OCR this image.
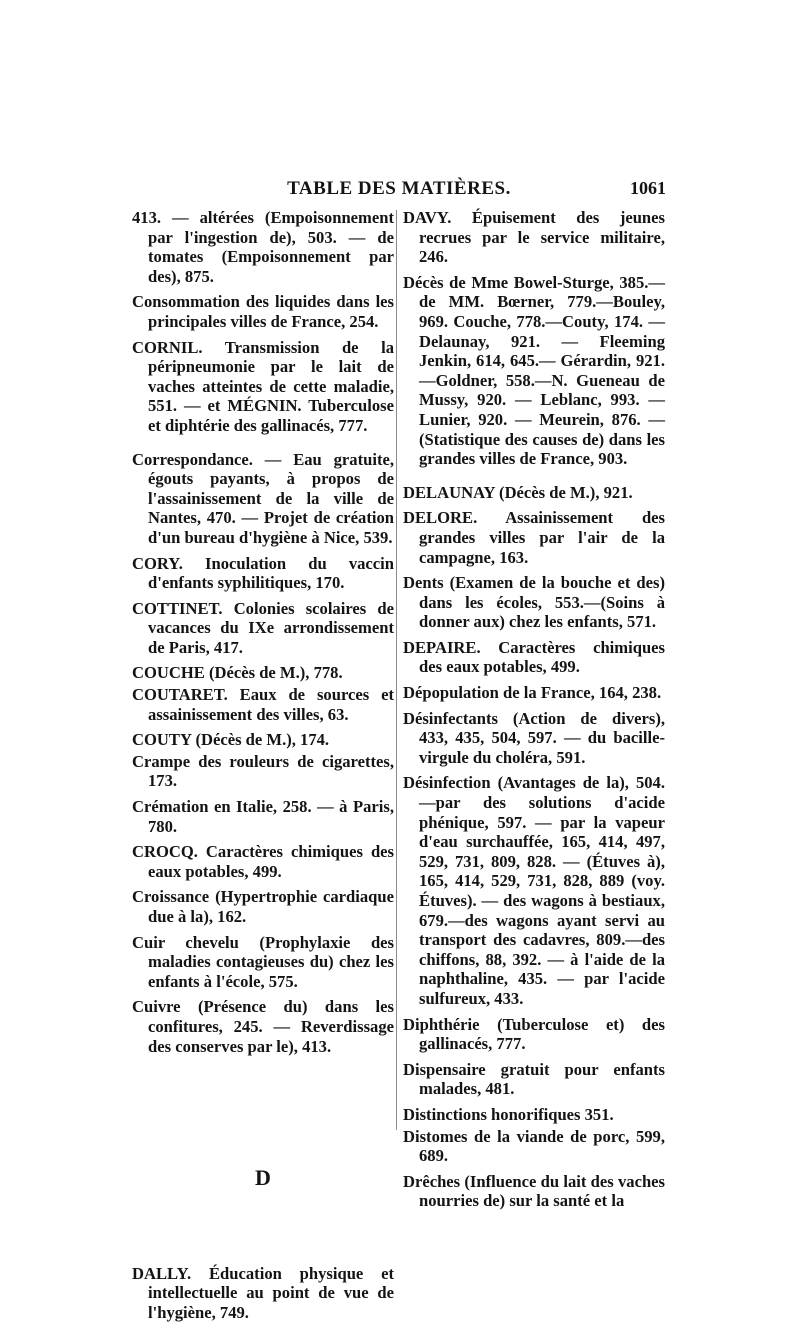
TABLE DES MATIÈRES.	1061

413. — altérées (Empoisonnement par l'ingestion de), 503. — de tomates (Empoisonnement par des), 875.

Consommation des liquides dans les principales villes de France, 254.

CORNIL. Transmission de la péripneumonie par le lait de vaches atteintes de cette maladie, 551. — et MÉGNIN. Tuberculose et diphtérie des gallinacés, 777.

Correspondance. — Eau gratuite, égouts payants, à propos de l'assainissement de la ville de Nantes, 470. — Projet de création d'un bureau d'hygiène à Nice, 539.

CORY. Inoculation du vaccin d'enfants syphilitiques, 170.

COTTINET. Colonies scolaires de vacances du IXe arrondissement de Paris, 417.

COUCHE (Décès de M.), 778.

COUTARET. Eaux de sources et assainissement des villes, 63.

COUTY (Décès de M.), 174.

Crampe des rouleurs de cigarettes, 173.

Crémation en Italie, 258. — à Paris, 780.

CROCQ. Caractères chimiques des eaux potables, 499.

Croissance (Hypertrophie cardiaque due à la), 162.

Cuir chevelu (Prophylaxie des maladies contagieuses du) chez les enfants à l'école, 575.

Cuivre (Présence du) dans les confitures, 245. — Reverdissage des conserves par le), 413.

D

DALLY. Éducation physique et intellectuelle au point de vue de l'hygiène, 749.

DAVY. Épuisement des jeunes recrues par le service militaire, 246.

Décès de Mme Bowel-Sturge, 385.— de MM. Bœrner, 779.—Bouley, 969. Couche, 778.—Couty, 174. — Delaunay, 921. — Fleeming Jenkin, 614, 645.— Gérardin, 921.—Goldner, 558.—N. Gueneau de Mussy, 920. — Leblanc, 993. — Lunier, 920. — Meurein, 876. — (Statistique des causes de) dans les grandes villes de France, 903.

DELAUNAY (Décès de M.), 921.

DELORE. Assainissement des grandes villes par l'air de la campagne, 163.

Dents (Examen de la bouche et des) dans les écoles, 553.—(Soins à donner aux) chez les enfants, 571.

DEPAIRE. Caractères chimiques des eaux potables, 499.

Dépopulation de la France, 164, 238.

Désinfectants (Action de divers), 433, 435, 504, 597. — du bacille-virgule du choléra, 591.

Désinfection (Avantages de la), 504. —par des solutions d'acide phénique, 597. — par la vapeur d'eau surchauffée, 165, 414, 497, 529, 731, 809, 828. — (Étuves à), 165, 414, 529, 731, 828, 889 (voy. Étuves). — des wagons à bestiaux, 679.—des wagons ayant servi au transport des cadavres, 809.—des chiffons, 88, 392. — à l'aide de la naphthaline, 435. — par l'acide sulfureux, 433.

Diphthérie (Tuberculose et) des gallinacés, 777.

Dispensaire gratuit pour enfants malades, 481.

Distinctions honorifiques 351.

Distomes de la viande de porc, 599, 689.

Drêches (Influence du lait des vaches nourries de) sur la santé et la
